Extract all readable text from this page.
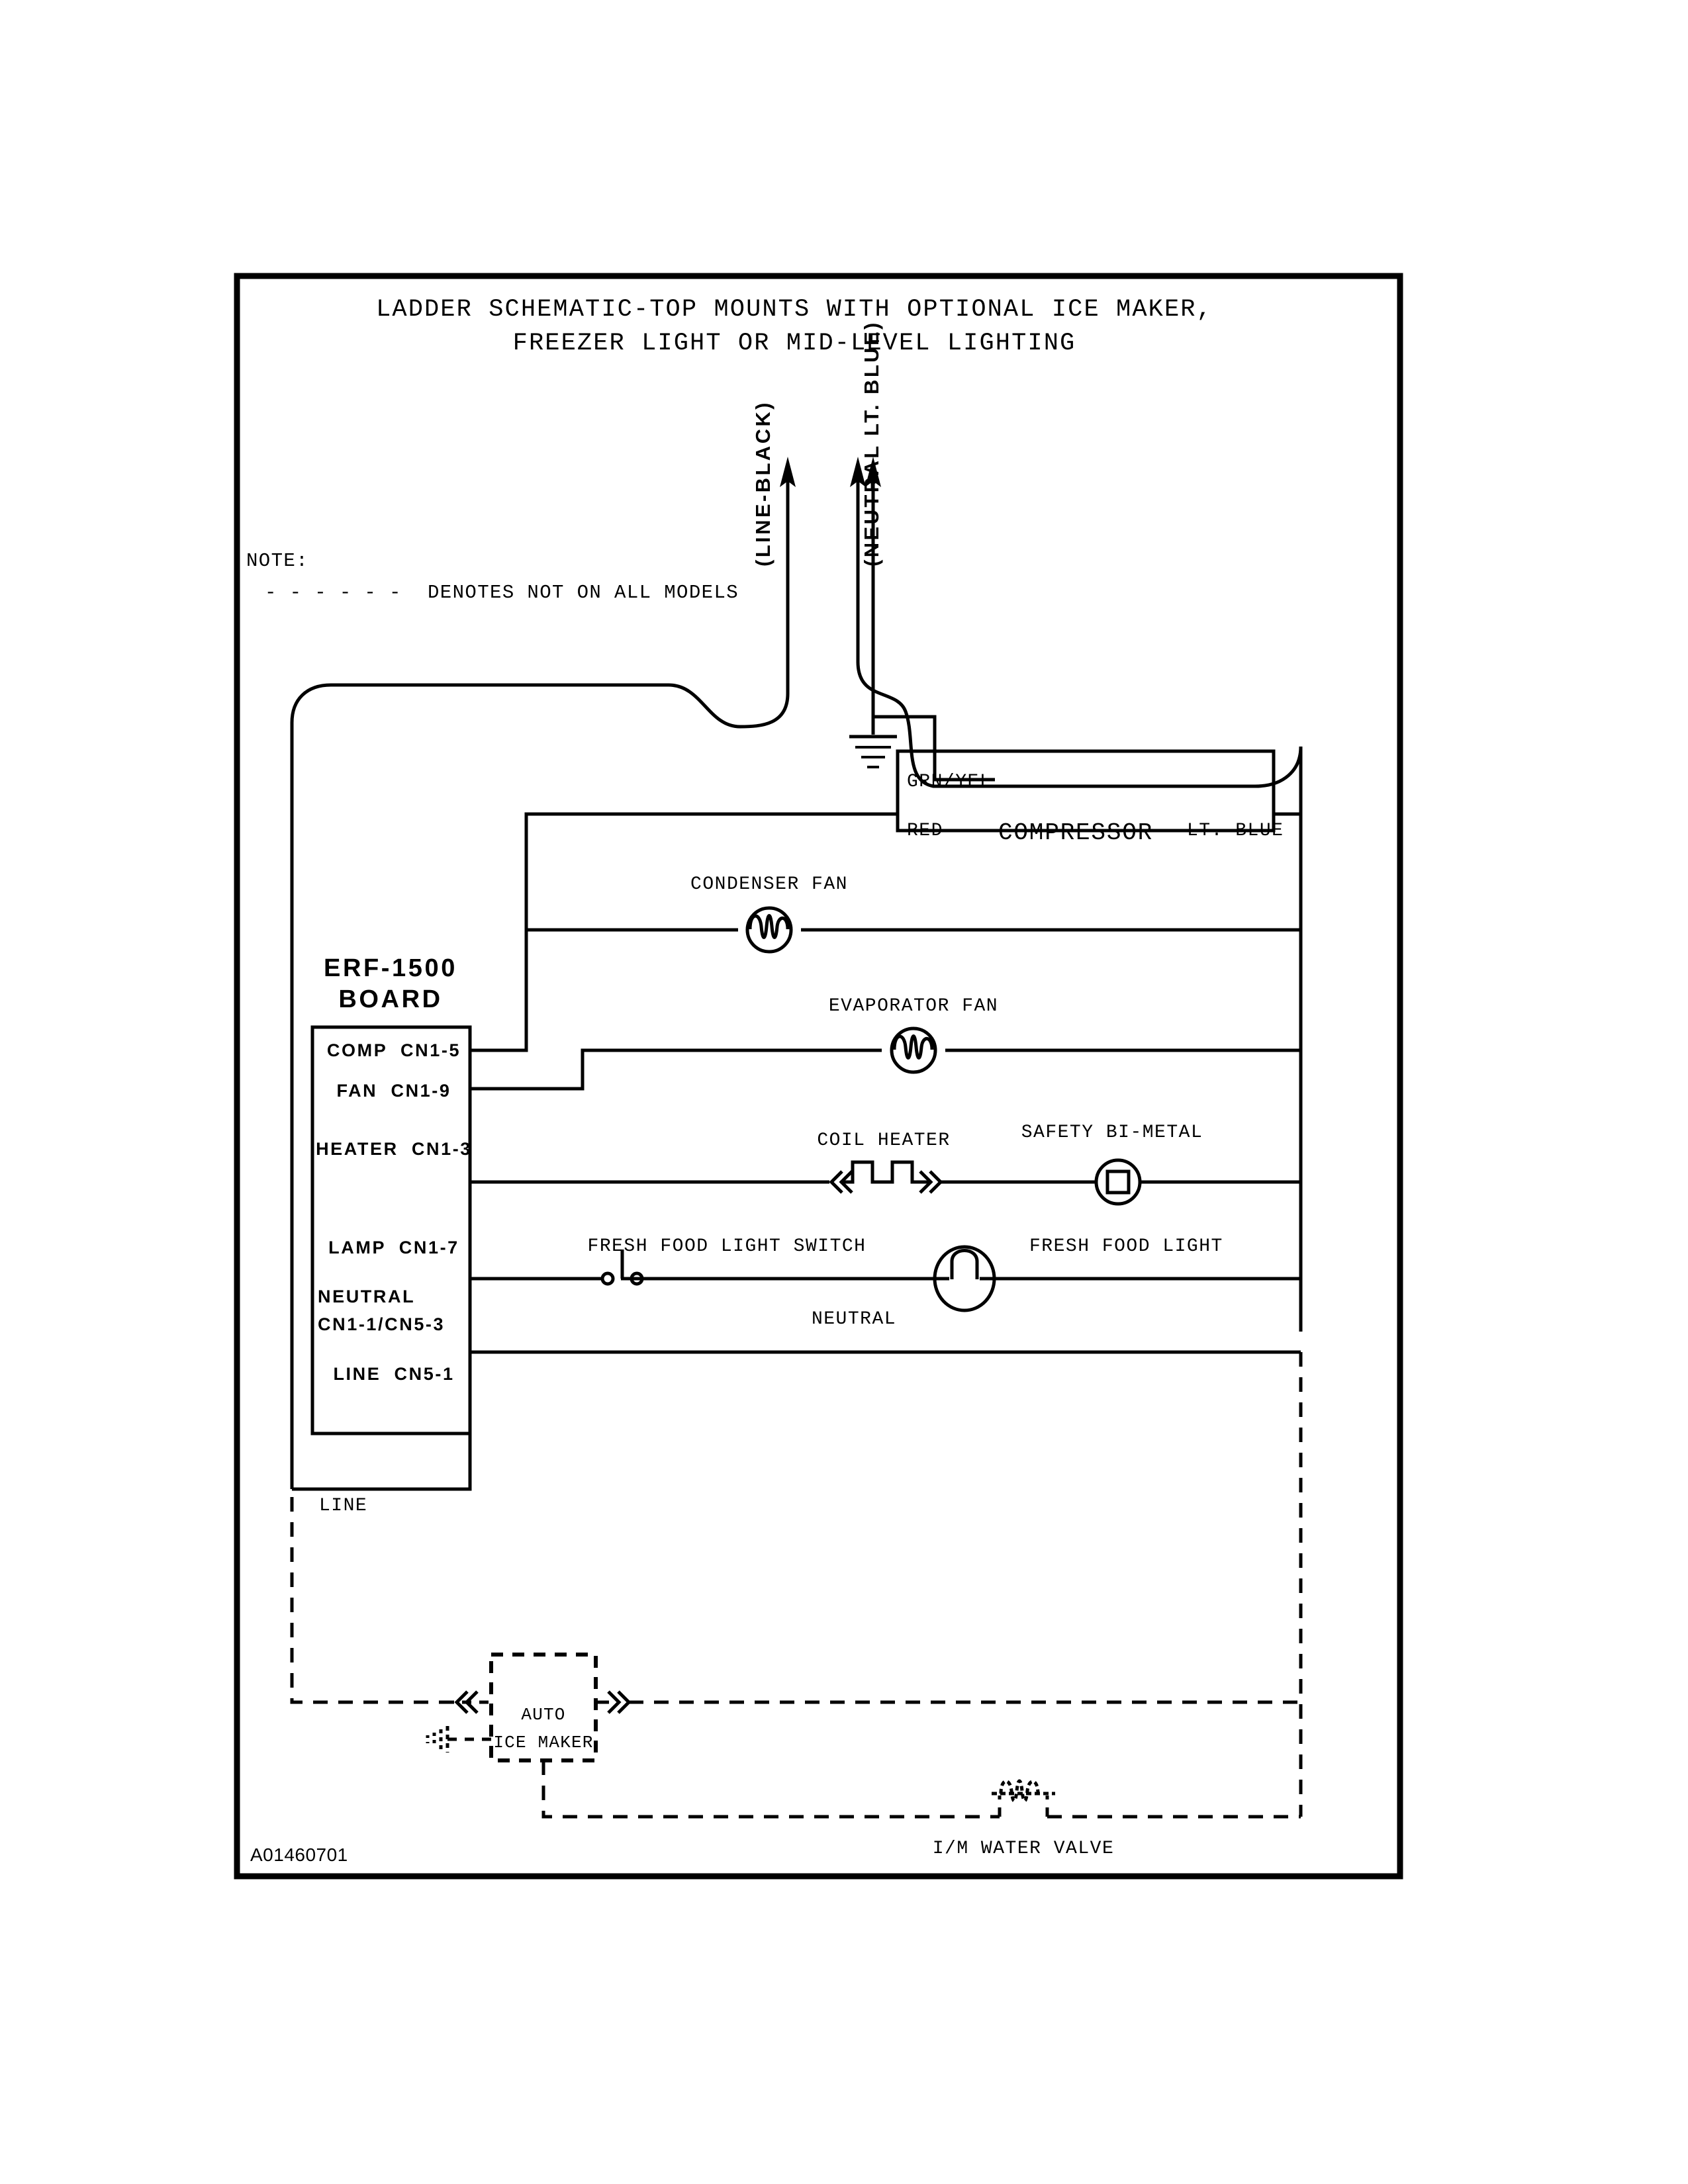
LADDER SCHEMATIC-TOP MOUNTS WITH OPTIONAL ICE MAKER,
FREEZER LIGHT OR MID-LEVEL LIGHTING
NOTE:
- - - - - - DENOTES NOT ON ALL MODELS
(LINE-BLACK)	(NEUTRAL LT. BLUE)
GRN/YEL
RED COMPRESSOR LT. BLUE
CONDENSER FAN
ERF-1500
BOARD
COMP  CN1-5
FAN  CN1-9
HEATER  CN1-3
LAMP  CN1-7
NEUTRAL
CN1-1/CN5-3
LINE  CN5-1
EVAPORATOR FAN
COIL HEATER	SAFETY BI-METAL
FRESH FOOD LIGHT SWITCH	FRESH FOOD LIGHT
NEUTRAL
LINE
AUTO
ICE MAKER
I/M WATER VALVE
A01460701
